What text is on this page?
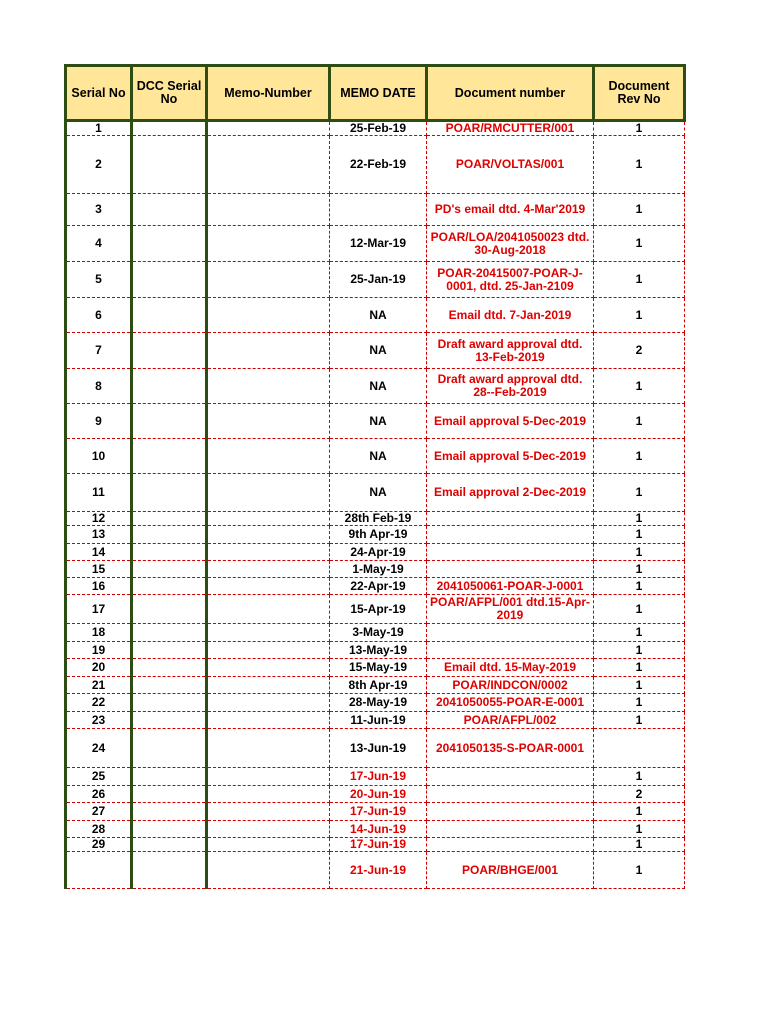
Serial No	DCC Serial No	Memo-Number	MEMO DATE	Document number	Document Rev No
1			25-Feb-19	POAR/RMCUTTER/001	1
2			22-Feb-19	POAR/VOLTAS/001	1
3				PD's email dtd. 4-Mar'2019	1
4			12-Mar-19	POAR/LOA/2041050023 dtd. 30-Aug-2018	1
5			25-Jan-19	POAR-20415007-POAR-J-0001, dtd. 25-Jan-2109	1
6			NA	Email dtd. 7-Jan-2019	1
7			NA	Draft award approval dtd. 13-Feb-2019	2
8			NA	Draft award approval dtd. 28--Feb-2019	1
9			NA	Email approval 5-Dec-2019	1
10			NA	Email approval 5-Dec-2019	1
11			NA	Email approval 2-Dec-2019	1
12			28th Feb-19		1
13			9th Apr-19		1
14			24-Apr-19		1
15			1-May-19		1
16			22-Apr-19	2041050061-POAR-J-0001	1
17			15-Apr-19	POAR/AFPL/001 dtd.15-Apr-2019	1
18			3-May-19		1
19			13-May-19		1
20			15-May-19	Email dtd. 15-May-2019	1
21			8th Apr-19	POAR/INDCON/0002	1
22			28-May-19	2041050055-POAR-E-0001	1
23			11-Jun-19	POAR/AFPL/002	1
24			13-Jun-19	2041050135-S-POAR-0001	
25			17-Jun-19		1
26			20-Jun-19		2
27			17-Jun-19		1
28			14-Jun-19		1
29			17-Jun-19		1
			21-Jun-19	POAR/BHGE/001	1
